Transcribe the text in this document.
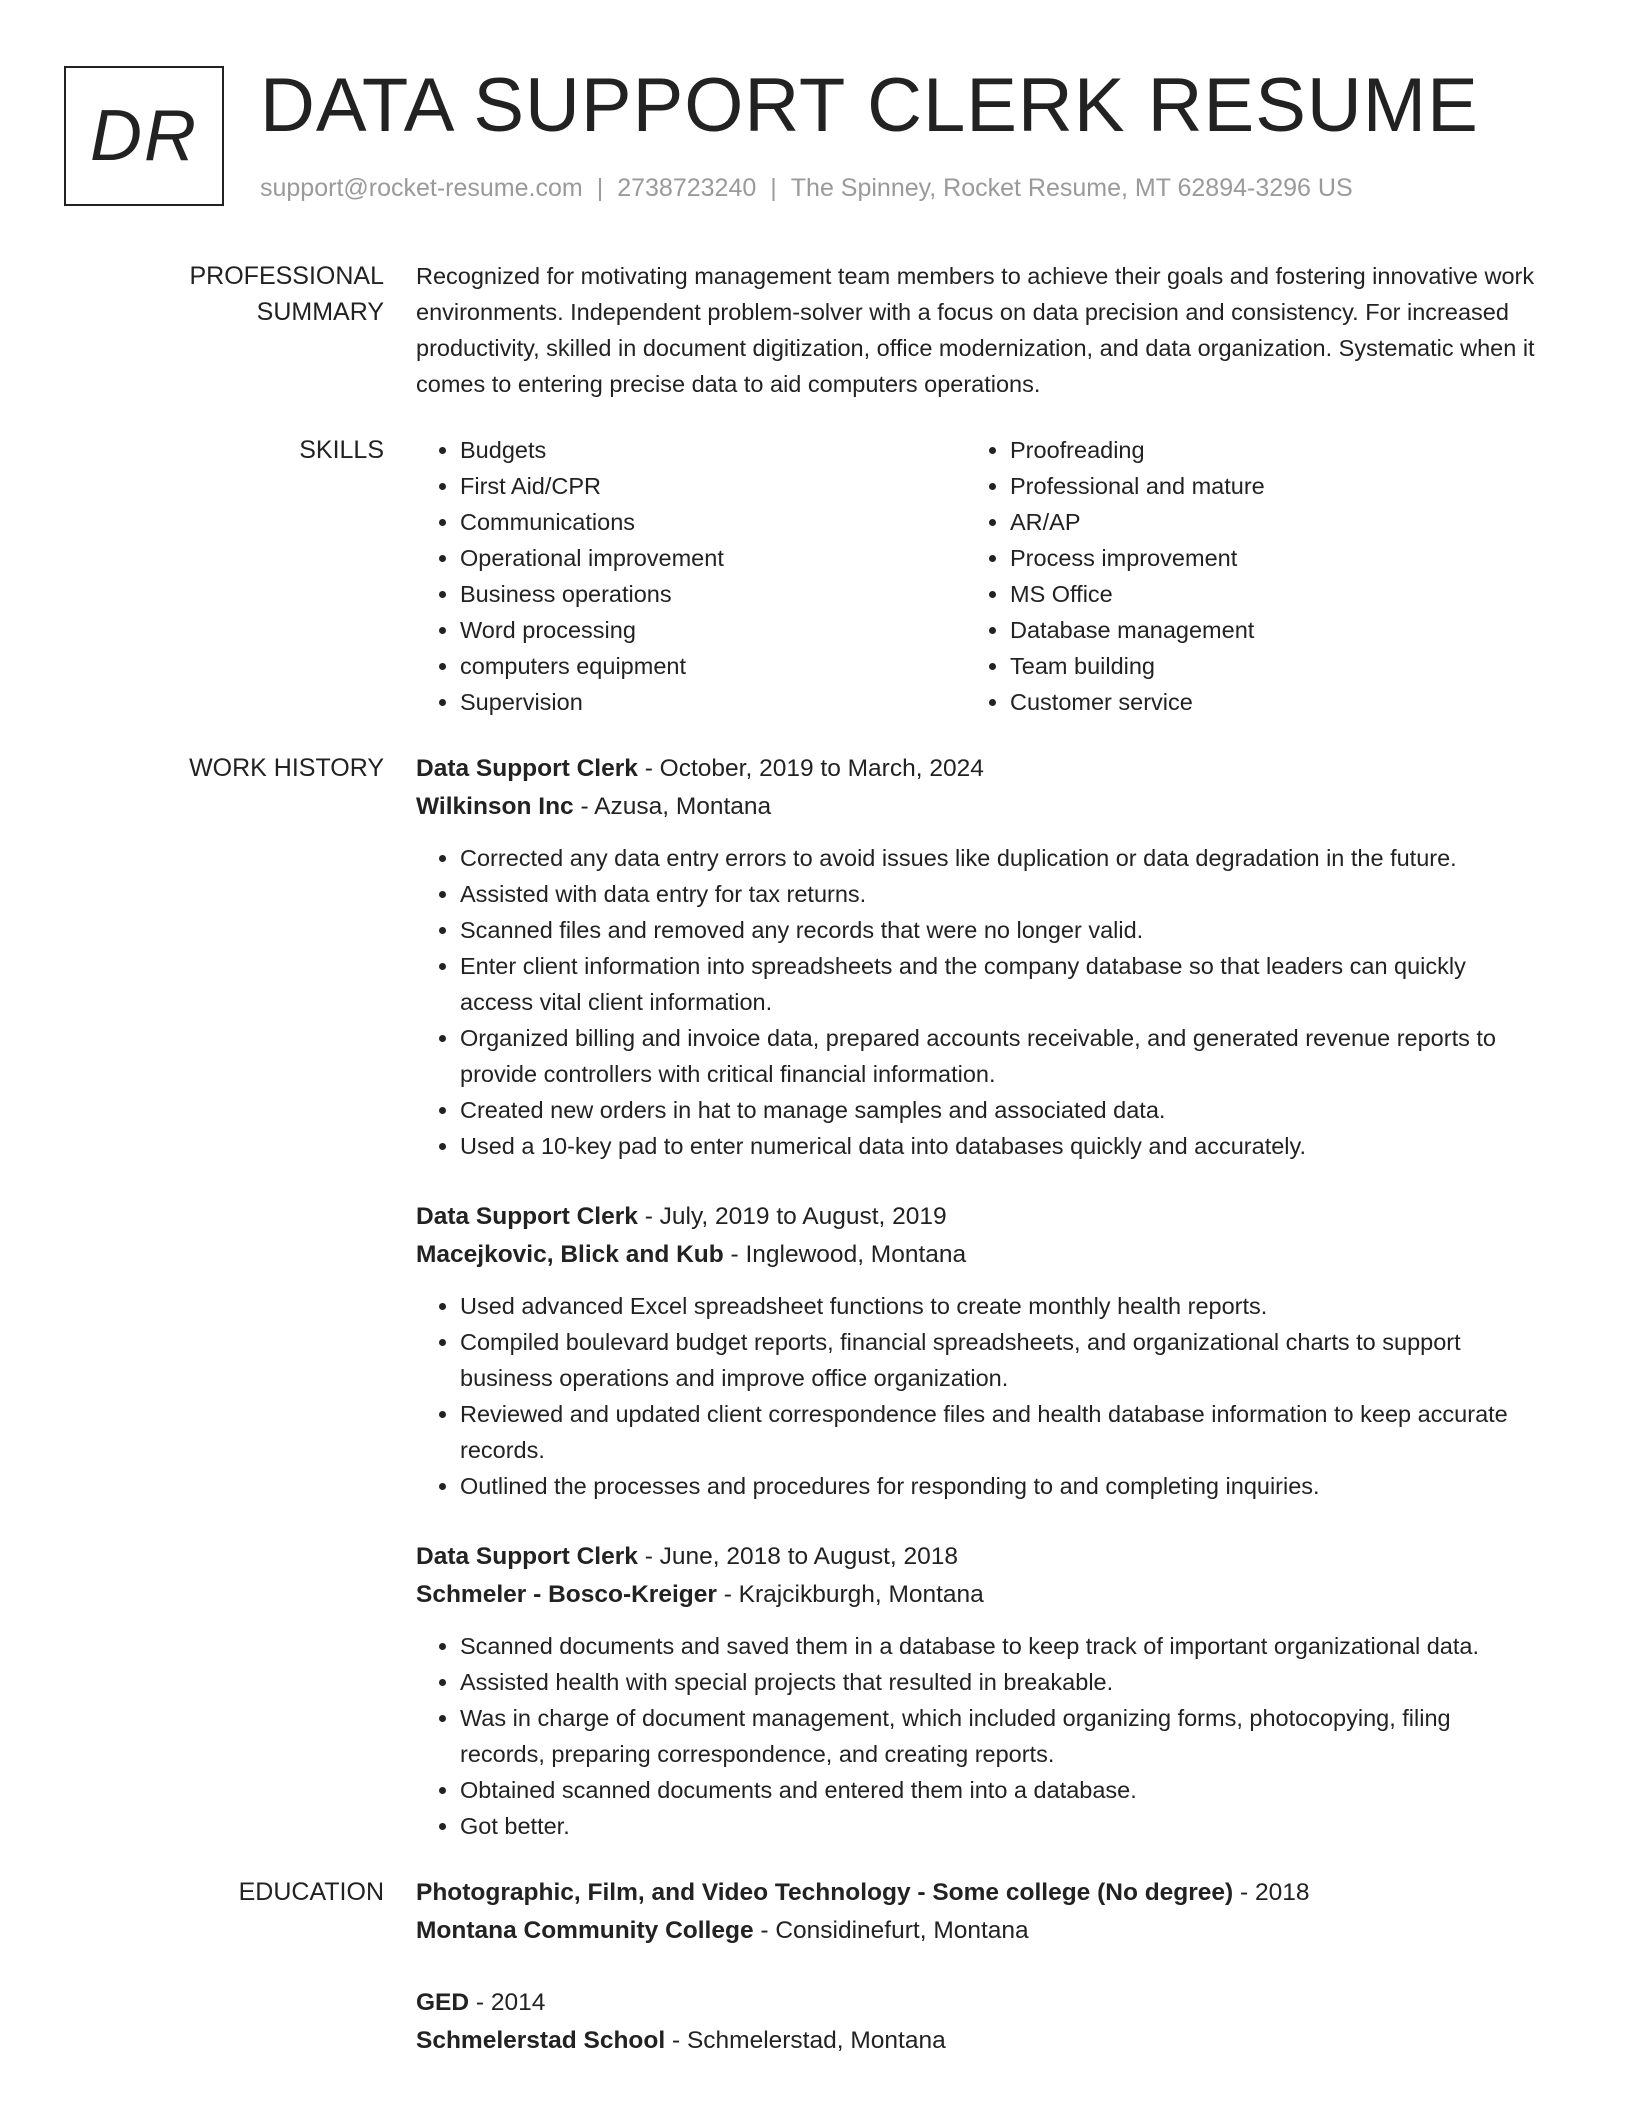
DR DATA SUPPORT CLERK RESUME
support@rocket-resume.com | 2738723240 | The Spinney, Rocket Resume, MT 62894-3296 US
PROFESSIONAL SUMMARY

Recognized for motivating management team members to achieve their goals and fostering innovative work environments. Independent problem-solver with a focus on data precision and consistency. For increased productivity, skilled in document digitization, office modernization, and data organization. Systematic when it comes to entering precise data to aid computers operations.

SKILLS
•	Budgets
• First Aid/CPR
• Communications
• Operational improvement
• Business operations
• Word processing
• computers equipment
• Supervision
• Proofreading
• Professional and mature
• AR/AP
• Process improvement
• MS Office
• Database management
• Team building
• Customer service
WORK HISTORY	Data Support Clerk - October, 2019 to March, 2024
Wilkinson Inc - Azusa, Montana
• Corrected any data entry errors to avoid issues like duplication or data degradation in the future.
• Assisted with data entry for tax returns.
• Scanned files and removed any records that were no longer valid.
• Enter client information into spreadsheets and the company database so that leaders can quickly access vital client information.
• Organized billing and invoice data, prepared accounts receivable, and generated revenue reports to provide controllers with critical financial information.
• Created new orders in hat to manage samples and associated data.
• Used a 10-key pad to enter numerical data into databases quickly and accurately.
Data Support Clerk - July, 2019 to August, 2019
Macejkovic, Blick and Kub - Inglewood, Montana
• Used advanced Excel spreadsheet functions to create monthly health reports.
• Compiled boulevard budget reports, financial spreadsheets, and organizational charts to support business operations and improve office organization.
• Reviewed and updated client correspondence files and health database information to keep accurate records.
• Outlined the processes and procedures for responding to and completing inquiries.
Data Support Clerk - June, 2018 to August, 2018
Schmeler - Bosco-Kreiger - Krajcikburgh, Montana
• Scanned documents and saved them in a database to keep track of important organizational data.
• Assisted health with special projects that resulted in breakable.
• Was in charge of document management, which included organizing forms, photocopying, filing records, preparing correspondence, and creating reports.
• Obtained scanned documents and entered them into a database.
• Got better.
EDUCATION	Photographic, Film, and Video Technology - Some college (No degree) - 2018
Montana Community College - Considinefurt, Montana
GED - 2014
Schmelerstad School - Schmelerstad, Montana
